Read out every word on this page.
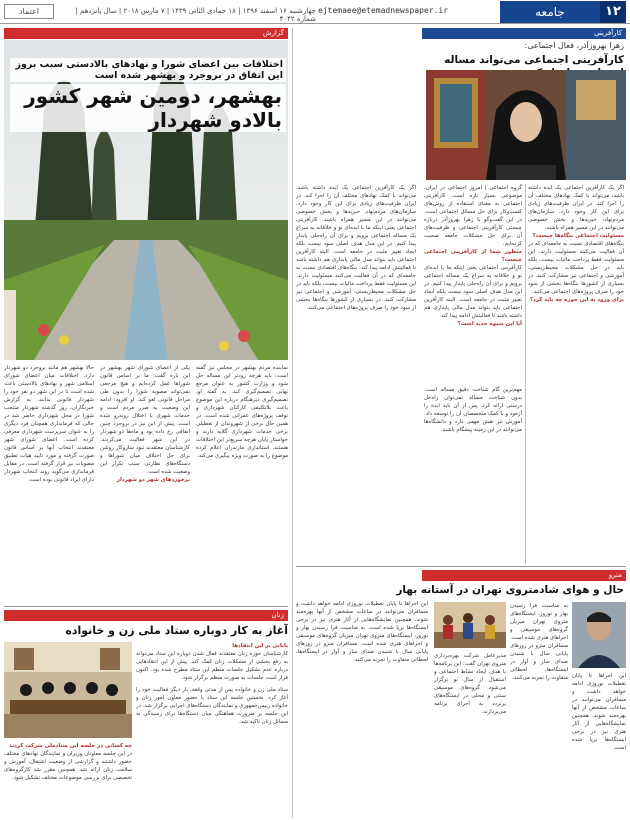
۱۲
جامعه
ejtemaee@etemadnewspaper.ir
چهارشنبه ۱۶ اسفند ۱۳۹۶ | ۱۸ جمادی الثانی ۱۴۳۹ | ۷ مارس ۲۰۱۸ | سال پانزدهم | شماره ۴۰۴۲
اعتماد
کارآفرینی
زهرا بهروزآذر، فعال اجتماعی:
کارآفرینی اجتماعی می‌تواند مساله
گروه اجتماعی | امروز اجتماعی در ایران، موضوعی بسیار تازه است. کارآفرینی اجتماعی به معنای استفاده از روش‌های کسب‌وکار برای حل مسائل اجتماعی است. در این گفت‌وگو با زهرا بهروزآذر درباره چیستی کارآفرینی اجتماعی و ظرفیت‌های آن برای حل مشکلات جامعه صحبت کرده‌ایم.
منظور شما از کارآفرینی اجتماعی چیست؟
کارآفرینی اجتماعی یعنی اینکه ما با ایده‌ای نو و خلاقانه به سراغ یک مساله اجتماعی برویم و برای آن راه‌حلی پایدار پیدا کنیم. در این مدل هدف اصلی سود نیست بلکه ایجاد تغییر مثبت در جامعه است. البته کارآفرین اجتماعی باید بتواند مدل مالی پایداری هم داشته باشد تا فعالیتش ادامه پیدا کند.
آیا این شیوه جدید است؟
مهم‌ترین گام شناخت دقیق مساله است. بدون شناخت مساله نمی‌توان راه‌حل درستی ارائه کرد. پس از آن باید ایده را آزمود و با کمک متخصصان آن را توسعه داد. آموزش نیز نقش مهمی دارد و دانشگاه‌ها می‌توانند در این زمینه پیشگام باشند.
اگر یک کارآفرین اجتماعی یک ایده داشته باشد، می‌تواند با کمک نهادهای مختلف آن را اجرا کند. در ایران ظرفیت‌های زیادی برای این کار وجود دارد. سازمان‌های مردم‌نهاد، خیریه‌ها و بخش خصوصی می‌توانند در این مسیر همراه باشند.
مسئولیت اجتماعی بنگاه‌ها چیست؟
بنگاه‌های اقتصادی نسبت به جامعه‌ای که در آن فعالیت می‌کنند مسئولیت دارند. این مسئولیت فقط پرداخت مالیات نیست، بلکه باید در حل مشکلات محیط‌زیستی، آموزشی و اجتماعی نیز مشارکت کنند. در بسیاری از کشورها بنگاه‌ها بخشی از سود خود را صرف پروژه‌های اجتماعی می‌کنند.
برای ورود به این حوزه چه باید کرد؟
اگر یک کارآفرین اجتماعی یک ایده داشته باشد، می‌تواند با کمک نهادهای مختلف آن را اجرا کند. در ایران ظرفیت‌های زیادی برای این کار وجود دارد. سازمان‌های مردم‌نهاد، خیریه‌ها و بخش خصوصی می‌توانند در این مسیر همراه باشند. کارآفرینی اجتماعی یعنی اینکه ما با ایده‌ای نو و خلاقانه به سراغ یک مساله اجتماعی برویم و برای آن راه‌حلی پایدار پیدا کنیم. در این مدل هدف اصلی سود نیست بلکه ایجاد تغییر مثبت در جامعه است. البته کارآفرین اجتماعی باید بتواند مدل مالی پایداری هم داشته باشد تا فعالیتش ادامه پیدا کند. بنگاه‌های اقتصادی نسبت به جامعه‌ای که در آن فعالیت می‌کنند مسئولیت دارند. این مسئولیت فقط پرداخت مالیات نیست، بلکه باید در حل مشکلات محیط‌زیستی، آموزشی و اجتماعی نیز مشارکت کنند. در بسیاری از کشورها بنگاه‌ها بخشی از سود خود را صرف پروژه‌های اجتماعی می‌کنند.
مترو
حال و هوای شادمتروی تهران در آستانه بهار
به مناسبت فرا رسیدن بهار و نوروز، ایستگاه‌های متروی تهران میزبان گروه‌های موسیقی و اجراهای هنری شده است. مسافران مترو در روزهای پایانی سال با شنیدن صدای ساز و آواز در ایستگاه‌ها، لحظاتی متفاوت را تجربه می‌کنند. این اجراها تا پایان تعطیلات نوروزی ادامه خواهد داشت و مسافران می‌توانند در ساعات مشخص از آنها بهره‌مند شوند. همچنین نمایشگاه‌هایی از آثار هنری نیز در برخی ایستگاه‌ها برپا شده است.
مدیرعامل شرکت بهره‌برداری متروی تهران گفت: این برنامه‌ها با هدف ایجاد نشاط اجتماعی و استقبال از سال نو برگزار می‌شود. گروه‌های موسیقی سنتی و محلی در ایستگاه‌های پرتردد به اجرای برنامه می‌پردازند.
این اجراها تا پایان تعطیلات نوروزی ادامه خواهد داشت و مسافران می‌توانند در ساعات مشخص از آنها بهره‌مند شوند. همچنین نمایشگاه‌هایی از آثار هنری نیز در برخی ایستگاه‌ها برپا شده است. به مناسبت فرا رسیدن بهار و نوروز، ایستگاه‌های متروی تهران میزبان گروه‌های موسیقی و اجراهای هنری شده است. مسافران مترو در روزهای پایانی سال با شنیدن صدای ساز و آواز در ایستگاه‌ها، لحظاتی متفاوت را تجربه می‌کنند.
گزارش
اختلافات بین اعضای شورا و نهادهای بالادستی سبب بروز این اتفاق در بروجرد و بهشهر شده است
بهشهر، دومین شهر کشور بالادو شهردار
حالا بهشهر هم مانند بروجرد دو شهردار دارد. اختلافات میان اعضای شورای اسلامی شهر و نهادهای بالادستی باعث شده است تا در این شهر دو نفر خود را شهردار قانونی بدانند. به گزارش خبرنگاران، روز گذشته شهردار منتخب شورا در محل شهرداری حاضر شد در حالی که فرمانداری همچنان فرد دیگری را به عنوان سرپرست شهرداری معرفی کرده است. اعضای شورای شهر معتقدند انتخاب آنها بر اساس قانون صورت گرفته و مورد تایید هیات تطبیق مصوبات نیز قرار گرفته است. در مقابل فرمانداری می‌گوید روند انتخاب شهردار دارای ایراد قانونی بوده است.
یکی از اعضای شورای شهر بهشهر در این باره گفت: ما بر اساس قانون شوراها عمل کرده‌ایم و هیچ مرجعی نمی‌تواند مصوبه شورا را بدون طی مراحل قانونی لغو کند. او افزود: ادامه این وضعیت به ضرر مردم است و خدمات شهری با اختلال روبه‌رو شده است. پیش از این نیز در بروجرد چنین اتفاقی رخ داده بود و ماه‌ها دو شهردار در این شهر فعالیت می‌کردند. کارشناسان معتقدند نبود سازوکار روشن برای حل اختلاف میان شوراها و دستگاه‌های نظارتی سبب تکرار این وضعیت شده است.
برخوردهای شهر دو شهردار
نماینده مردم بهشهر در مجلس نیز گفته است: باید هرچه زودتر این مساله حل شود و وزارت کشور به عنوان مرجع نهایی تصمیم‌گیری کند. به گفته او، تصمیم‌گیری دیرهنگام درباره این موضوع باعث بلاتکلیفی کارکنان شهرداری و توقف پروژه‌های عمرانی شده است. در همین حال برخی از شهروندان از تعطیلی برخی خدمات شهرداری گلایه دارند و خواستار پایان هرچه سریع‌تر این اختلافات هستند. استانداری مازندران اعلام کرده موضوع را به صورت ویژه پیگیری می‌کند.
زنان
آغاز به کار دوباره ستاد ملی زن و خانواده
پایانی بر این انتقادها
کارشناسان حوزه زنان معتقدند فعال شدن دوباره این ستاد می‌تواند به رفع بخشی از مشکلات زنان کمک کند. پیش از این انتقادهایی درباره عدم تشکیل جلسات منظم این ستاد مطرح شده بود. اکنون قرار است جلسات به صورت منظم برگزار شود.
ستاد ملی زن و خانواده پس از مدتی وقفه، بار دیگر فعالیت خود را آغاز کرد. نخستین جلسه این ستاد با حضور معاون امور زنان و خانواده رییس‌جمهوری و نمایندگان دستگاه‌های اجرایی برگزار شد. در این جلسه بر ضرورت هماهنگی میان دستگاه‌ها برای رسیدگی به مسائل زنان تاکید شد.
چه کسانی در جلسه این ستادملی شرکت کردند
در این جلسه معاونان وزیران و نمایندگان نهادهای مختلف حضور داشتند و گزارشی از وضعیت اشتغال، آموزش و سلامت زنان ارائه شد. همچنین مقرر شد کارگروه‌های تخصصی برای بررسی موضوعات مختلف تشکیل شود.
